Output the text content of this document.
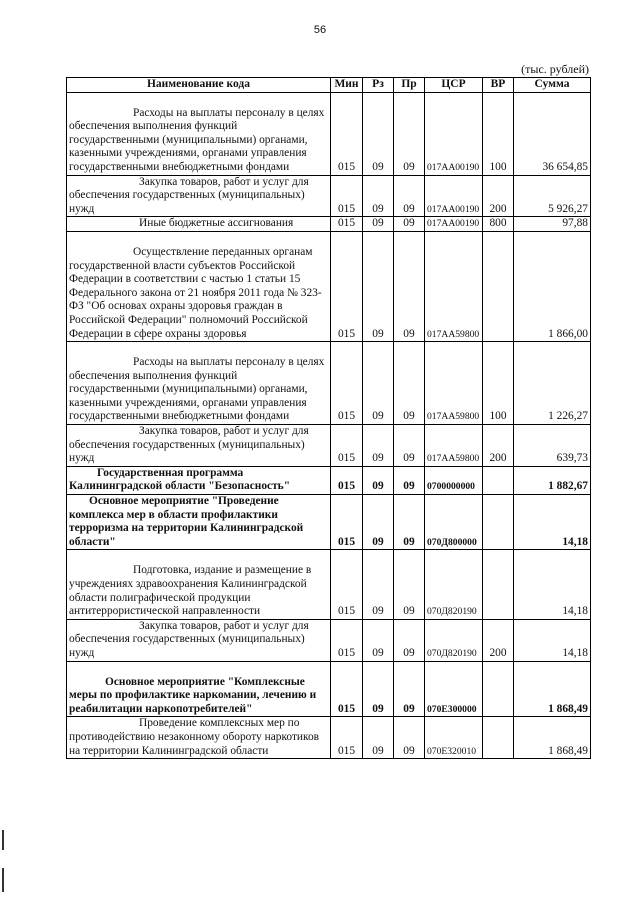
56
(тыс. рублей)
Наименование кода	Мин	Рз	Пр	ЦСР	ВР	Сумма

Расходы на выплаты персоналу в целях обеспечения выполнения функций государственными (муниципальными) органами, казенными учреждениями, органами управления государственными внебюджетными фондами	015	09	09	017АА00190	100	36 654,85
Закупка товаров, работ и услуг для обеспечения государственных (муниципальных) нужд	015	09	09	017АА00190	200	5 926,27
Иные бюджетные ассигнования	015	09	09	017АА00190	800	97,88

Осуществление переданных органам государственной власти субъектов Российской Федерации в соответствии с частью 1 статьи 15 Федерального закона от 21 ноября 2011 года № 323-ФЗ "Об основах охраны здоровья граждан в Российской Федерации" полномочий Российской Федерации в сфере охраны здоровья	015	09	09	017АА59800		1 866,00

Расходы на выплаты персоналу в целях обеспечения выполнения функций государственными (муниципальными) органами, казенными учреждениями, органами управления государственными внебюджетными фондами	015	09	09	017АА59800	100	1 226,27
Закупка товаров, работ и услуг для обеспечения государственных (муниципальных) нужд	015	09	09	017АА59800	200	639,73
Государственная программа Калининградской области "Безопасность"	015	09	09	0700000000		1 882,67
Основное мероприятие "Проведение комплекса мер в области профилактики терроризма на территории Калининградской области"	015	09	09	070Д800000		14,18

Подготовка, издание и размещение в учреждениях здравоохранения Калининградской области полиграфической продукции антитеррористической направленности	015	09	09	070Д820190		14,18
Закупка товаров, работ и услуг для обеспечения государственных (муниципальных) нужд	015	09	09	070Д820190	200	14,18

Основное мероприятие "Комплексные меры по профилактике наркомании, лечению и реабилитации наркопотребителей"	015	09	09	070Е300000		1 868,49
Проведение комплексных мер по противодействию незаконному обороту наркотиков на территории Калининградской области	015	09	09	070Е320010		1 868,49
